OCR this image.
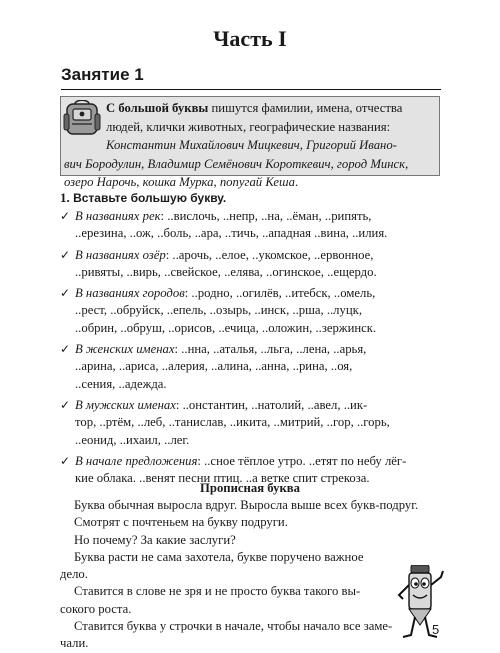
Часть I
Занятие 1
С большой буквы пишутся фамилии, имена, отчества
людей, клички животных, географические названия:
Константин Михайлович Мицкевич, Григорий Ивано-
вич Бородулин, Владимир Семёнович Короткевич, город Минск,
озеро Нарочь, кошка Мурка, попугай Кеша.
1. Вставьте большую букву.
✓ В названиях рек: ..вислочь, ..непр, ..на, ..ёман, ..рипять,
..ерезина, ..ож, ..боль, ..ара, ..тичь, ..ападная ..вина, ..илия.
✓ В названиях озёр: ..арочь, ..елое, ..укомское, ..ервонное,
..ривяты, ..вирь, ..свейское, ..елява, ..огинское, ..ещердо.
✓ В названиях городов: ..родно, ..огилёв, ..итебск, ..омель,
..рест, ..обруйск, ..епель, ..озырь, ..инск, ..рша, ..луцк,
..обрин, ..обруш, ..орисов, ..ечица, ..оложин, ..зержинск.
✓ В женских именах: ..нна, ..аталья, ..льга, ..лена, ..арья,
..арина, ..ариса, ..алерия, ..алина, ..анна, ..рина, ..оя,
..сения, ..адежда.
✓ В мужских именах: ..онстантин, ..натолий, ..авел, ..ик-
тор, ..ртём, ..леб, ..танислав, ..икита, ..митрий, ..гор, ..горь,
..еонид, ..ихаил, ..лег.
✓ В начале предложения: ..сное тёплое утро. ..етят по небу лёг-
кие облака. ..венят песни птиц. ..а ветке спит стрекоза.
Прописная буква
Буква обычная выросла вдруг. Выросла выше всех букв-подруг.
Смотрят с почтеньем на букву подруги.
Но почему? За какие заслуги?
Буква расти не сама захотела, букве поручено важное
дело.
Ставится в слове не зря и не просто буква такого вы-
сокого роста.
Ставится буква у строчки в начале, чтобы начало все заме-
чали.
5
